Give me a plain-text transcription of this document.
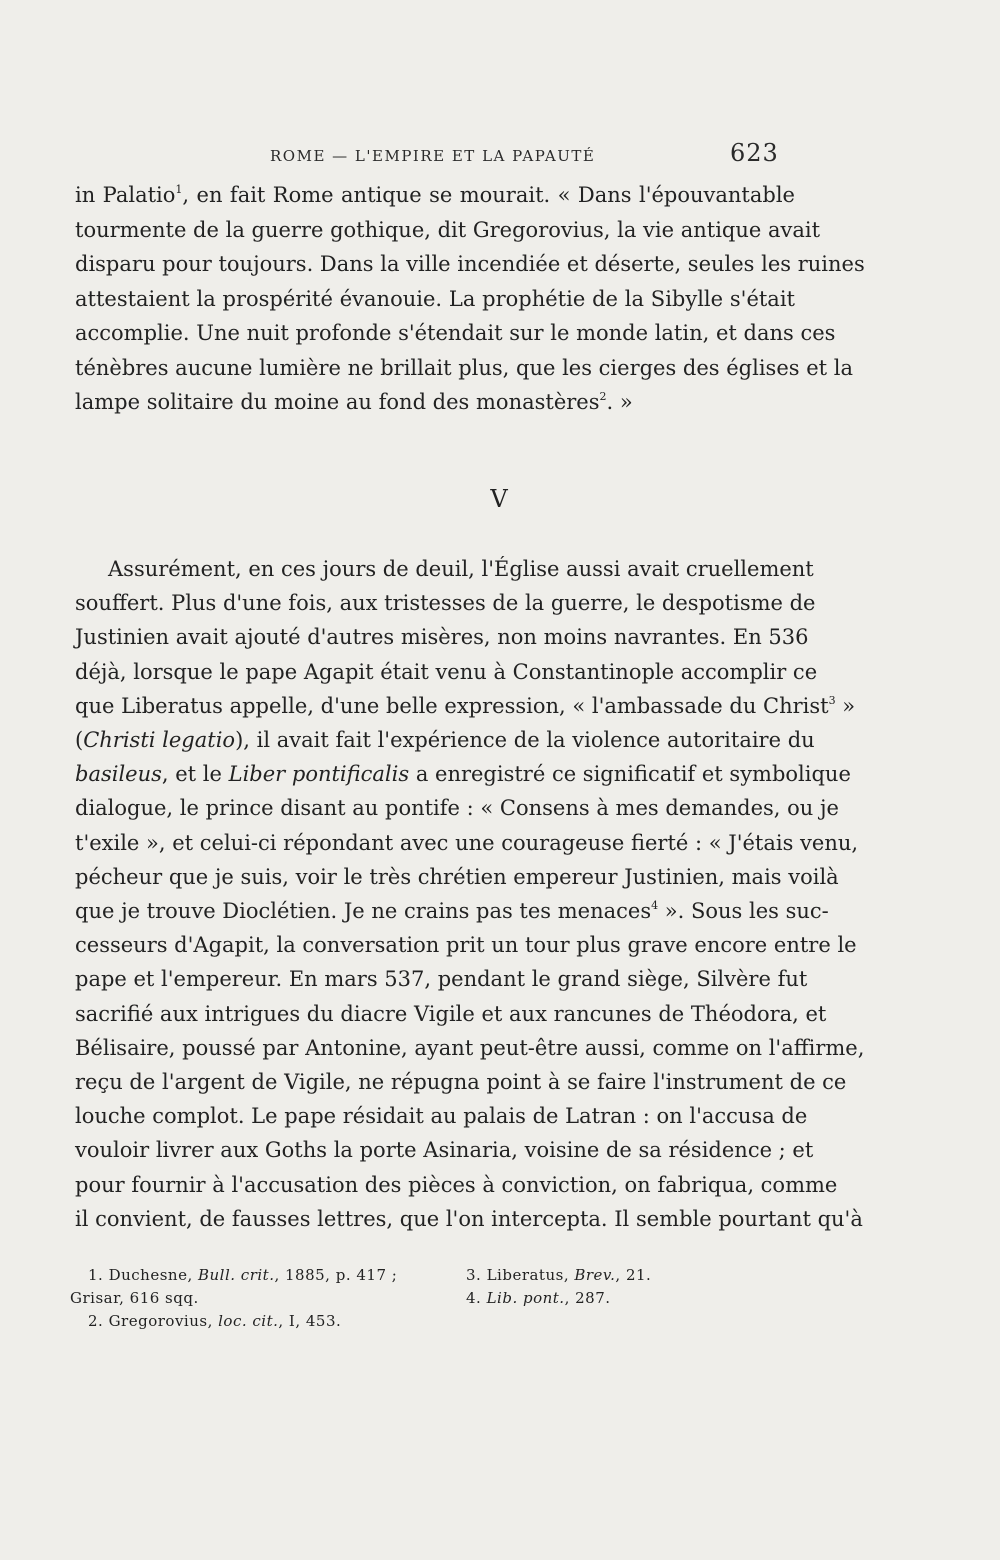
ROME — L'EMPIRE ET LA PAPAUTÉ	623
in Palatio$^1$, en fait Rome antique se mourait. « Dans l'épouvantable
tourmente de la guerre gothique, dit Gregorovius, la vie antique avait
disparu pour toujours. Dans la ville incendiée et déserte, seules les ruines
attestaient la prospérité évanouie. La prophétie de la Sibylle s'était
accomplie. Une nuit profonde s'étendait sur le monde latin, et dans ces
ténèbres aucune lumière ne brillait plus, que les cierges des églises et la
lampe solitaire du moine au fond des monastères$^2$. »
V
Assurément, en ces jours de deuil, l'Église aussi avait cruellement
souffert. Plus d'une fois, aux tristesses de la guerre, le despotisme de
Justinien avait ajouté d'autres misères, non moins navrantes. En 536
déjà, lorsque le pape Agapit était venu à Constantinople accomplir ce
que Liberatus appelle, d'une belle expression, « l'ambassade du Christ$^3$ »
(Christi legatio), il avait fait l'expérience de la violence autoritaire du
basileus, et le Liber pontificalis a enregistré ce significatif et symbolique
dialogue, le prince disant au pontife : « Consens à mes demandes, ou je
t'exile », et celui-ci répondant avec une courageuse fierté : « J'étais venu,
pécheur que je suis, voir le très chrétien empereur Justinien, mais voilà
que je trouve Dioclétien. Je ne crains pas tes menaces$^4$ ». Sous les suc-
cesseurs d'Agapit, la conversation prit un tour plus grave encore entre le
pape et l'empereur. En mars 537, pendant le grand siège, Silvère fut
sacrifié aux intrigues du diacre Vigile et aux rancunes de Théodora, et
Bélisaire, poussé par Antonine, ayant peut-être aussi, comme on l'affirme,
reçu de l'argent de Vigile, ne répugna point à se faire l'instrument de ce
louche complot. Le pape résidait au palais de Latran : on l'accusa de
vouloir livrer aux Goths la porte Asinaria, voisine de sa résidence ; et
pour fournir à l'accusation des pièces à conviction, on fabriqua, comme
il convient, de fausses lettres, que l'on intercepta. Il semble pourtant qu'à
1. Duchesne, Bull. crit., 1885, p. 417 ;
Grisar, 616 sqq.
2. Gregorovius, loc. cit., I, 453.
3. Liberatus, Brev., 21.
4. Lib. pont., 287.
